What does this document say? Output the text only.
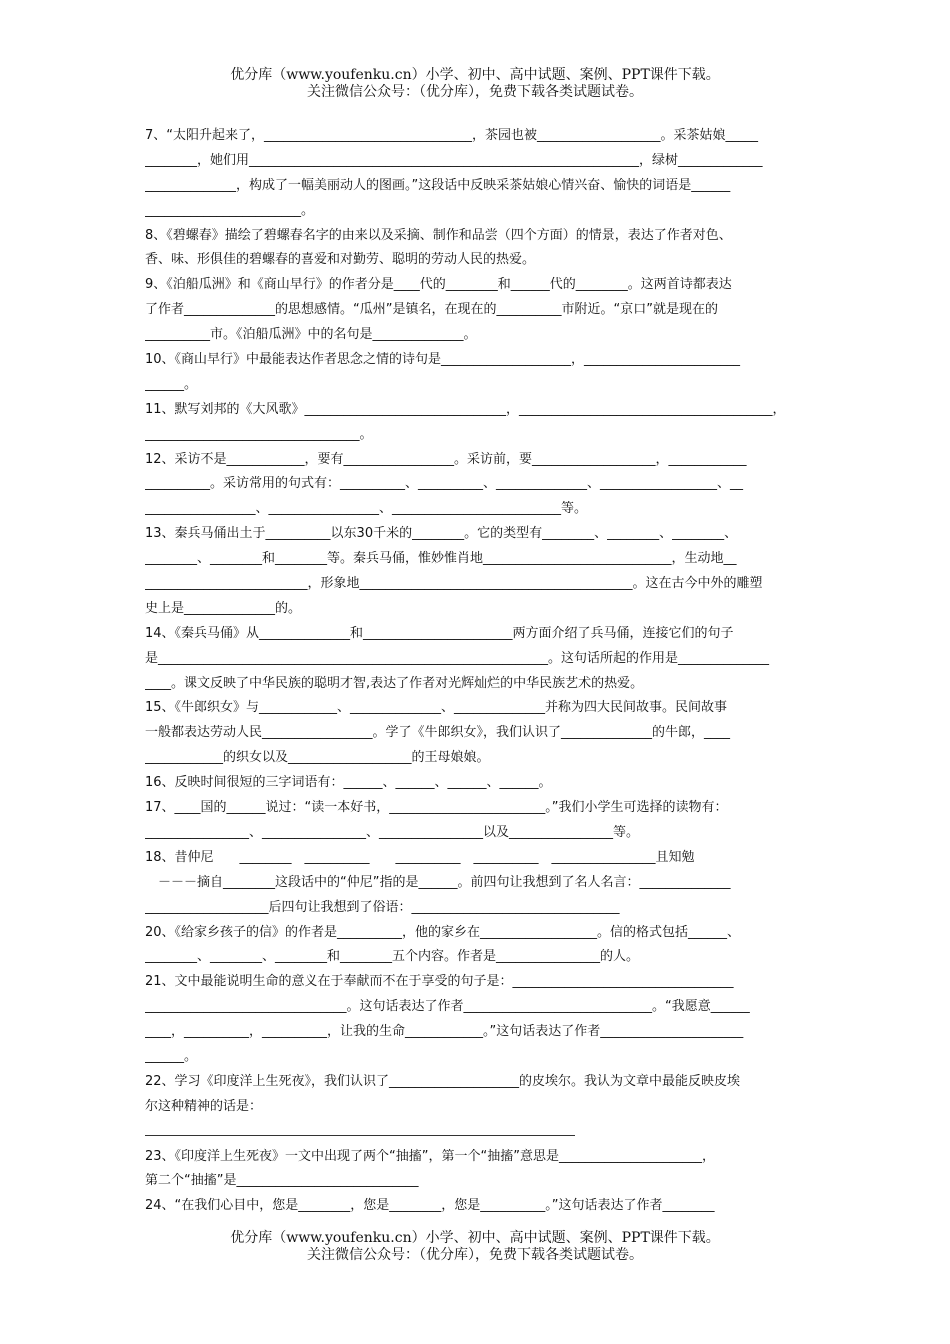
优分库（www.youfenku.cn）小学、初中、高中试题、案例、PPT课件下载。
关注微信公众号：（优分库），免费下载各类试题试卷。
7、“太阳升起来了，________________________________，茶园也被___________________。采茶姑娘_____
________，她们用____________________________________________________________，绿树_____________
______________，构成了一幅美丽动人的图画。”这段话中反映采茶姑娘心情兴奋、愉快的词语是______
________________________。
8、《碧螺春》描绘了碧螺春名字的由来以及采摘、制作和品尝（四个方面）的情景，表达了作者对色、
香、味、形俱佳的碧螺春的喜爱和对勤劳、聪明的劳动人民的热爱。
9、《泊船瓜洲》和《商山早行》的作者分是____代的________和______代的________。这两首诗都表达
了作者______________的思想感情。“瓜州”是镇名，在现在的__________市附近。“京口”就是现在的
__________市。《泊船瓜洲》中的名句是______________。
10、《商山早行》中最能表达作者思念之情的诗句是____________________，________________________
______。
11、默写刘邦的《大风歌》_______________________________，_______________________________________，
_________________________________。
12、采访不是____________，要有_________________。采访前，要___________________，____________
__________。采访常用的句式有：__________、__________、______________、__________________、__
_________________、_________________、__________________________等。
13、秦兵马俑出土于__________以东30千米的________。它的类型有________、________、________、
________、________和________等。秦兵马俑，惟妙惟肖地_____________________________，生动地__
_________________________，形象地__________________________________________。这在古今中外的雕塑
史上是______________的。
14、《秦兵马俑》从______________和_______________________两方面介绍了兵马俑，连接它们的句子
是____________________________________________________________。这句话所起的作用是______________
____。课文反映了中华民族的聪明才智,表达了作者对光辉灿烂的中华民族艺术的热爱。
15、《牛郎织女》与____________、______________、______________并称为四大民间故事。民间故事
一般都表达劳动人民_________________。学了《牛郎织女》，我们认识了______________的牛郎，____
____________的织女以及___________________的王母娘娘。
16、反映时间很短的三字词语有：______、______、______、______。
17、____国的______说过：“读一本好书，________________________。”我们小学生可选择的读物有：
________________、________________、________________以及________________等。
18、昔仲尼　　________　__________　　__________　__________　________________且知勉
　－－－摘自________这段话中的“仲尼”指的是______。前四句让我想到了名人名言：______________
___________________后四句让我想到了俗语：________________________________
20、《给家乡孩子的信》的作者是__________，他的家乡在__________________。信的格式包括______、
________、________、________和________五个内容。作者是________________的人。
21、文中最能说明生命的意义在于奉献而不在于享受的句子是：__________________________________
_______________________________。这句话表达了作者_____________________________。“我愿意______
____，__________，__________，让我的生命____________。”这句话表达了作者______________________
______。
22、学习《印度洋上生死夜》，我们认识了____________________的皮埃尔。我认为文章中最能反映皮埃
尔这种精神的话是：
23、《印度洋上生死夜》一文中出现了两个“抽搐”，第一个“抽搐”意思是______________________，
第二个“抽搐”是____________________________
24、“在我们心目中，您是________，您是________，您是__________。”这句话表达了作者________
优分库（www.youfenku.cn）小学、初中、高中试题、案例、PPT课件下载。
关注微信公众号：（优分库），免费下载各类试题试卷。
